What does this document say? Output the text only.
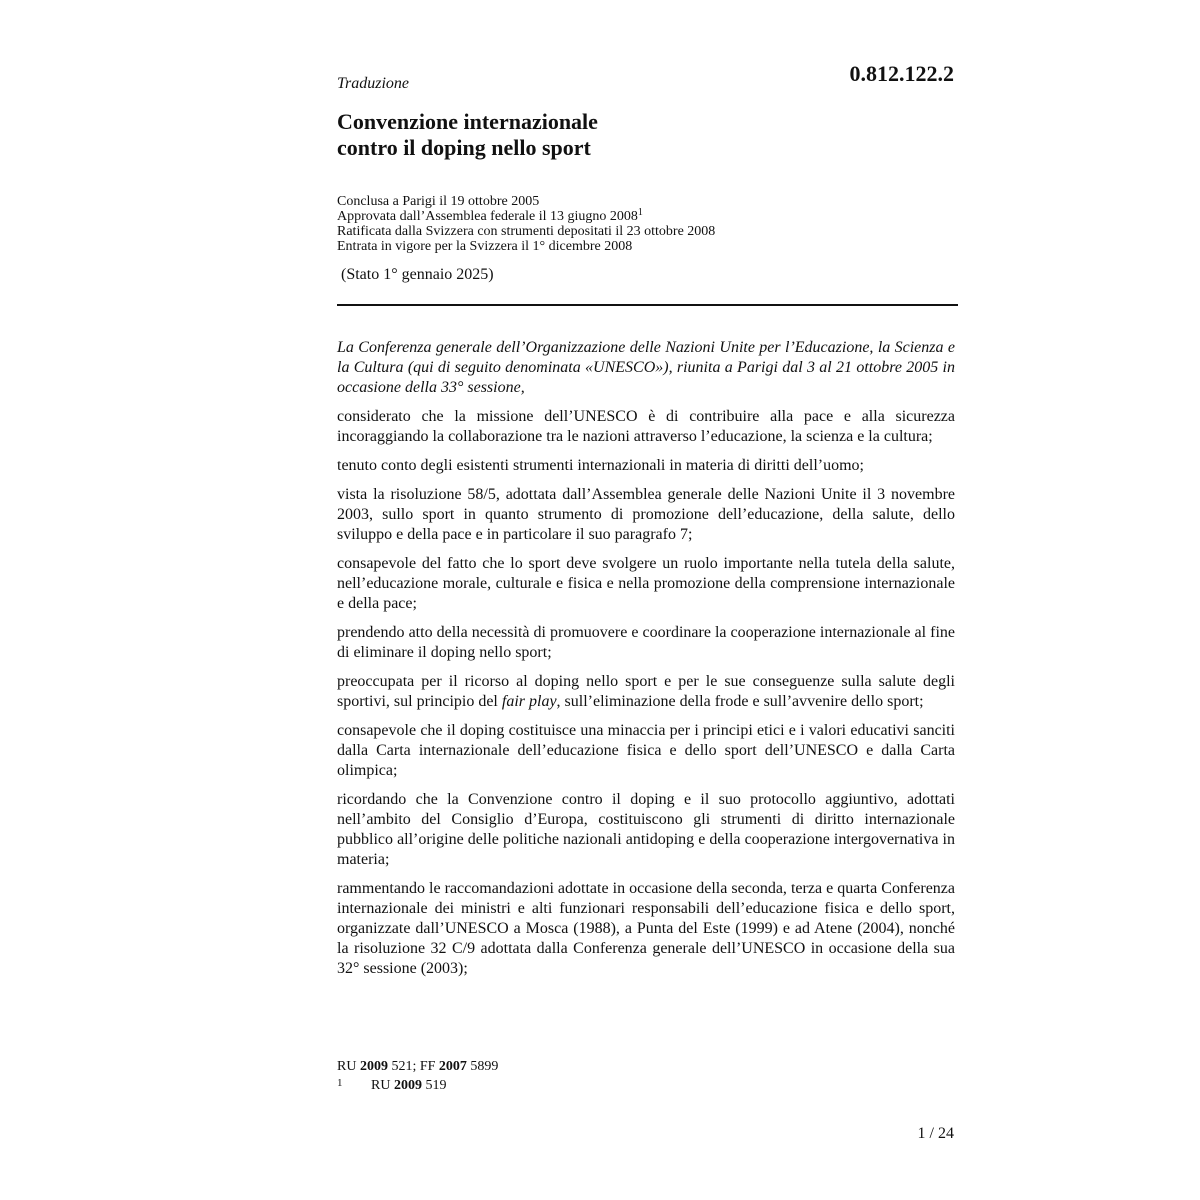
0.812.122.2
Traduzione
Convenzione internazionale
contro il doping nello sport
Conclusa a Parigi il 19 ottobre 2005
Approvata dall’Assemblea federale il 13 giugno 2008$^1$
Ratificata dalla Svizzera con strumenti depositati il 23 ottobre 2008
Entrata in vigore per la Svizzera il 1° dicembre 2008
(Stato 1° gennaio 2025)

La Conferenza generale dell’Organizzazione delle Nazioni Unite per l’Educazione, la Scienza e la Cultura (qui di seguito denominata «UNESCO»), riunita a Parigi dal 3 al 21 ottobre 2005 in occasione della 33° sessione,

considerato che la missione dell’UNESCO è di contribuire alla pace e alla sicurezza incoraggiando la collaborazione tra le nazioni attraverso l’educazione, la scienza e la cultura;

tenuto conto degli esistenti strumenti internazionali in materia di diritti dell’uomo;

vista la risoluzione 58/5, adottata dall’Assemblea generale delle Nazioni Unite il 3 novembre 2003, sullo sport in quanto strumento di promozione dell’educazione, della salute, dello sviluppo e della pace e in particolare il suo paragrafo 7;

consapevole del fatto che lo sport deve svolgere un ruolo importante nella tutela della salute, nell’educazione morale, culturale e fisica e nella promozione della comprensione internazionale e della pace;

prendendo atto della necessità di promuovere e coordinare la cooperazione internazionale al fine di eliminare il doping nello sport;

preoccupata per il ricorso al doping nello sport e per le sue conseguenze sulla salute degli sportivi, sul principio del fair play, sull’eliminazione della frode e sull’avvenire dello sport;

consapevole che il doping costituisce una minaccia per i principi etici e i valori educativi sanciti dalla Carta internazionale dell’educazione fisica e dello sport dell’UNESCO e dalla Carta olimpica;

ricordando che la Convenzione contro il doping e il suo protocollo aggiuntivo, adottati nell’ambito del Consiglio d’Europa, costituiscono gli strumenti di diritto internazionale pubblico all’origine delle politiche nazionali antidoping e della cooperazione intergovernativa in materia;

rammentando le raccomandazioni adottate in occasione della seconda, terza e quarta Conferenza internazionale dei ministri e alti funzionari responsabili dell’educazione fisica e dello sport, organizzate dall’UNESCO a Mosca (1988), a Punta del Este (1999) e ad Atene (2004), nonché la risoluzione 32 C/9 adottata dalla Conferenza generale dell’UNESCO in occasione della sua 32° sessione (2003);

RU 2009 521; FF 2007 5899
1 RU 2009 519
1 / 24
